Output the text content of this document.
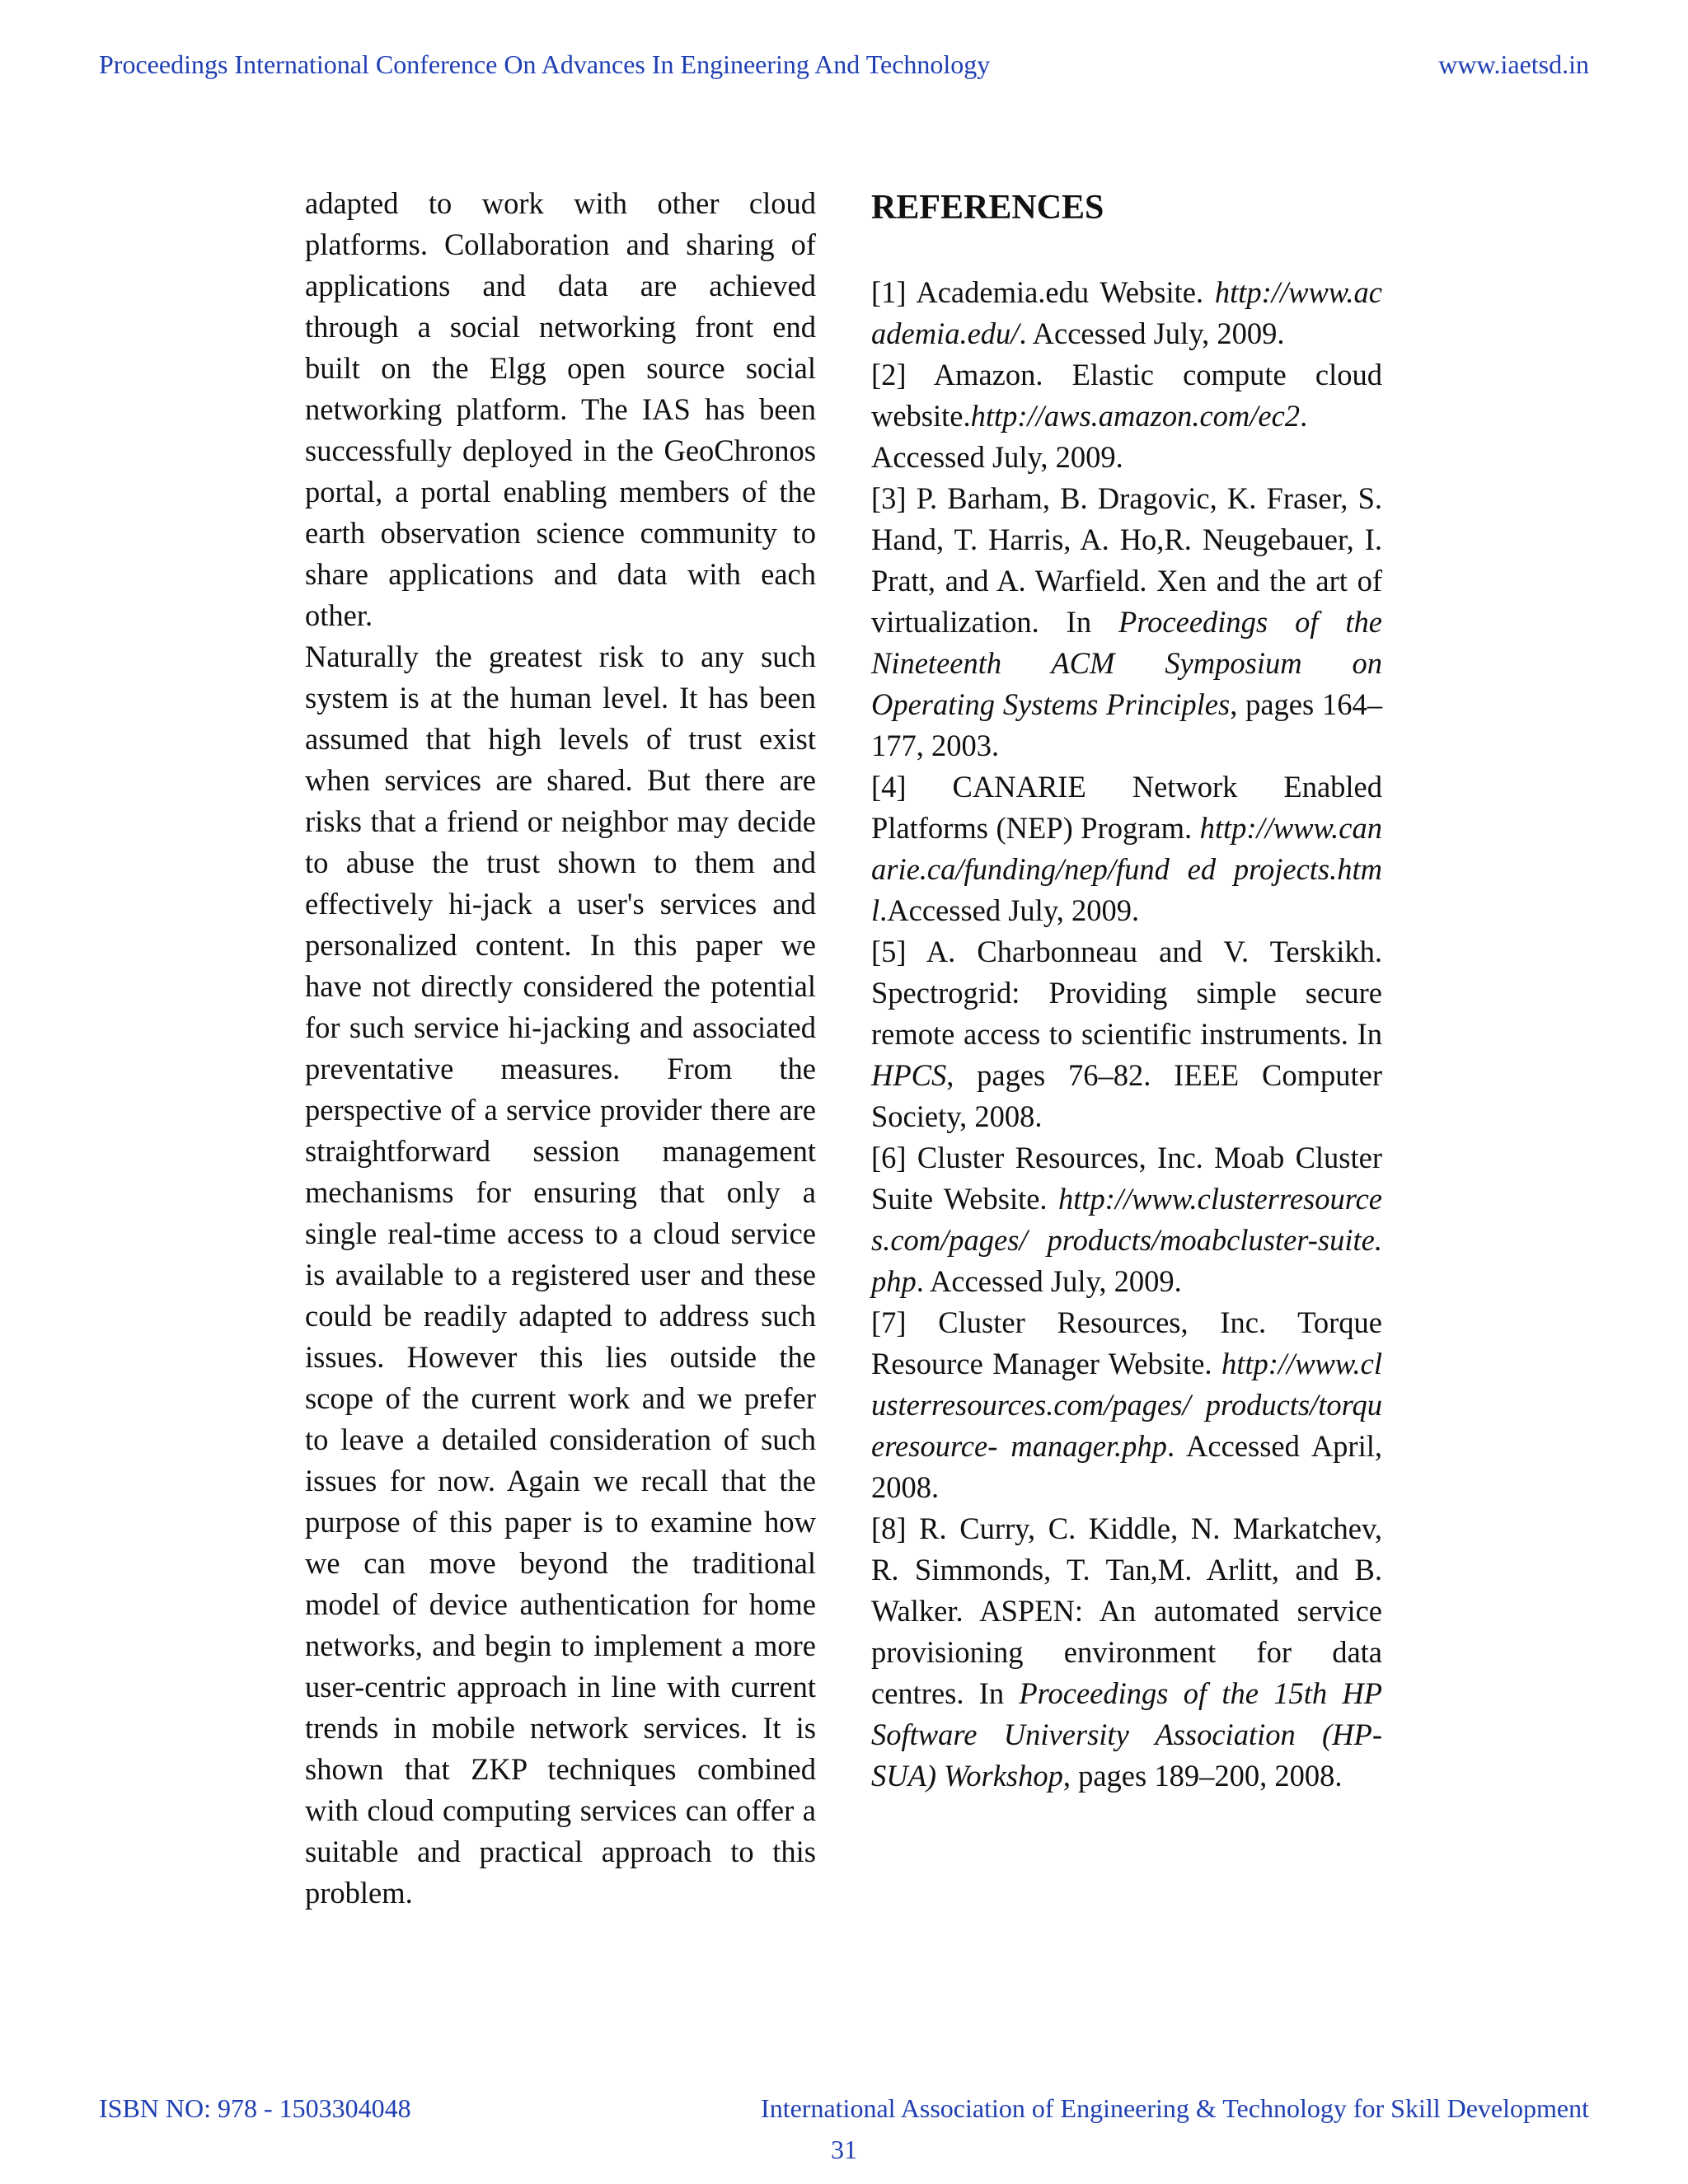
Proceedings International Conference On Advances In Engineering And Technology	www.iaetsd.in

adapted to work with other cloud platforms. Collaboration and sharing of applications and data are achieved through a social networking front end built on the Elgg open source social networking platform. The IAS has been successfully deployed in the GeoChronos portal, a portal enabling members of the earth observation science community to share applications and data with each other.

Naturally the greatest risk to any such system is at the human level. It has been assumed that high levels of trust exist when services are shared. But there are risks that a friend or neighbor may decide to abuse the trust shown to them and effectively hi-jack a user's services and personalized content. In this paper we have not directly considered the potential for such service hi-jacking and associated preventative measures. From the perspective of a service provider there are straightforward session management mechanisms for ensuring that only a single real-time access to a cloud service is available to a registered user and these could be readily adapted to address such issues. However this lies outside the scope of the current work and we prefer to leave a detailed consideration of such issues for now. Again we recall that the purpose of this paper is to examine how we can move beyond the traditional model of device authentication for home networks, and begin to implement a more user-centric approach in line with current trends in mobile network services. It is shown that ZKP techniques combined with cloud computing services can offer a suitable and practical approach to this problem.

REFERENCES

[1] Academia.edu Website. http://www.academia.edu/. Accessed July, 2009.

[2] Amazon. Elastic compute cloud website.http://aws.amazon.com/ec2. Accessed July, 2009.

[3] P. Barham, B. Dragovic, K. Fraser, S. Hand, T. Harris, A. Ho,R. Neugebauer, I. Pratt, and A. Warfield. Xen and the art of virtualization. In Proceedings of the Nineteenth ACM Symposium on Operating Systems Principles, pages 164–177, 2003.

[4] CANARIE Network Enabled Platforms (NEP) Program. http://www.canarie.ca/funding/nep/fund ed projects.html.Accessed July, 2009.

[5] A. Charbonneau and V. Terskikh. Spectrogrid: Providing simple secure remote access to scientific instruments. In HPCS, pages 76–82. IEEE Computer Society, 2008.

[6] Cluster Resources, Inc. Moab Cluster Suite Website. http://www.clusterresources.com/pages/ products/moabcluster-suite.php. Accessed July, 2009.

[7] Cluster Resources, Inc. Torque Resource Manager Website. http://www.clusterresources.com/pages/ products/torqueresource- manager.php. Accessed April, 2008.

[8] R. Curry, C. Kiddle, N. Markatchev, R. Simmonds, T. Tan,M. Arlitt, and B. Walker. ASPEN: An automated service provisioning environment for data centres. In Proceedings of the 15th HP Software University Association (HP-SUA) Workshop, pages 189–200, 2008.

ISBN NO: 978 - 1503304048	International Association of Engineering & Technology for Skill Development
31
